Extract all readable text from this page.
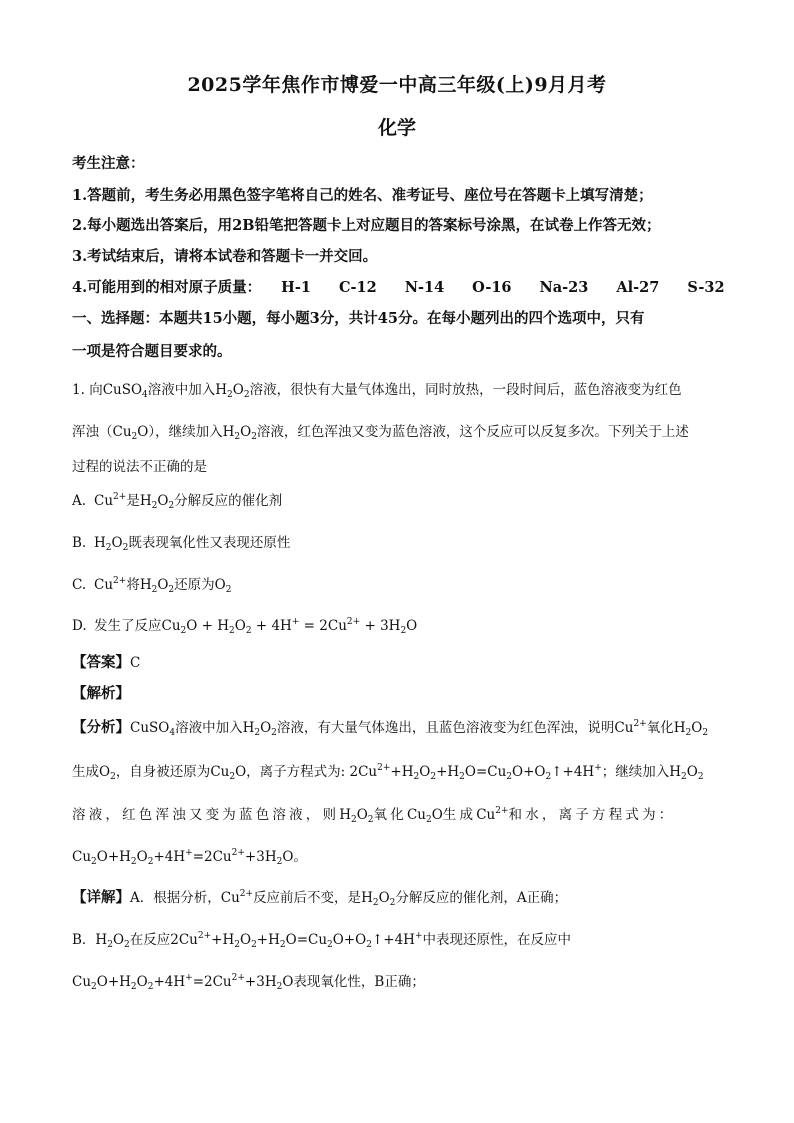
2025学年焦作市博爱一中高三年级(上)9月月考
化学
考生注意：
1.答题前，考生务必用黑色签字笔将自己的姓名、准考证号、座位号在答题卡上填写清楚；
2.每小题选出答案后，用2B铅笔把答题卡上对应题目的答案标号涂黑，在试卷上作答无效；
3.考试结束后，请将本试卷和答题卡一并交回。
4.可能用到的相对原子质量： H-1 C-12 N-14 O-16 Na-23 Al-27 S-32
一、选择题：本题共15小题，每小题3分，共计45分。在每小题列出的四个选项中，只有
一项是符合题目要求的。
1. 向CuSO$_4$溶液中加入$H_2O_2$溶液，很快有大量气体逸出，同时放热，一段时间后，蓝色溶液变为红色
浑浊$(Cu_2O)$，继续加入$H_2O_2$溶液，红色浑浊又变为蓝色溶液，这个反应可以反复多次。下列关于上述
过程的说法不正确的是
A. $Cu^{2+}$是$H_2O_2$分解反应的催化剂
B. $H_2O_2$既表现氧化性又表现还原性
C. $Cu^{2+}$将$H_2O_2$还原为$O_2$
D. 发生了反应$Cu_2O + H_2O_2 + 4H^+ = 2Cu^{2+} + 3H_2O$
【答案】C
【解析】
【分析】CuSO$_4$溶液中加入$H_2O_2$溶液，有大量气体逸出，且蓝色溶液变为红色浑浊，说明$Cu^{2+}$氧化$H_2O_2$
生成$O_2$，自身被还原为$Cu_2O$，离子方程式为: $2Cu^{2+}+H_2O_2+H_2O=Cu_2O+O_2↑+4H^+$；继续加入$H_2O_2$
溶液，红色浑浊又变为蓝色溶液，则$H_2O_2$氧化$Cu_2O$生成$Cu^{2+}$和水，离子方程式为：
$Cu_2O+H_2O_2+4H^+=2Cu^{2+}+3H_2O$。
【详解】A．根据分析，$Cu^{2+}$反应前后不变，是$H_2O_2$分解反应的催化剂，A正确；
B．$H_2O_2$在反应$2Cu^{2+}+H_2O_2+H_2O=Cu_2O+O_2↑+4H^+$中表现还原性，在反应中
$Cu_2O+H_2O_2+4H^+=2Cu^{2+}+3H_2O$表现氧化性，B正确；
